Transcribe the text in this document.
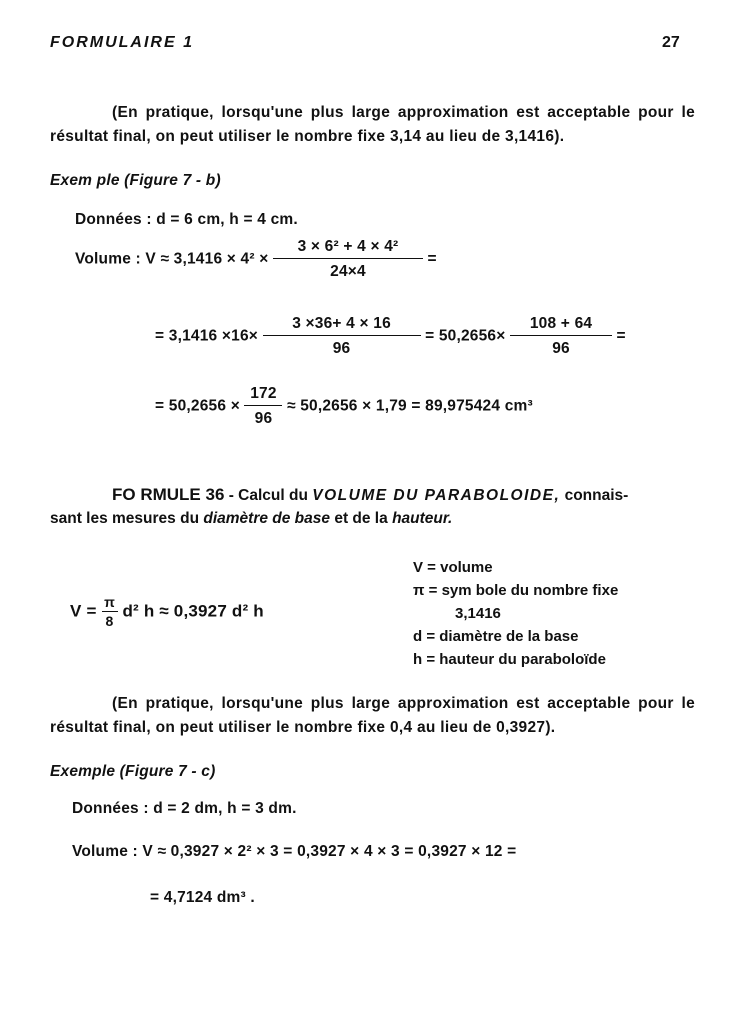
FORMULAIRE 1	27
(En pratique, lorsqu'une plus large approximation est acceptable pour le résultat final, on peut utiliser le nombre fixe 3,14 au lieu de 3,1416).
Exem ple (Figure 7 - b)
Données : d = 6 cm, h = 4 cm.
Volume : $V \approx 3,1416 \times 4^2 \times \frac{\text{3 × 6² + 4 × 4²}}{24\times 4}$ =
= $3,1416 \times 16\times \frac{3 \times 36+ 4 \times 16}{96} = 50,2656\times \frac{108 + 64}{96}$ =
= $50,2656 \times \frac{172}{96} \approx 50,2656 \times 1,79 = 89,975424$ cm³
FO RMULE 36 - Calcul du VOLUME DU PARABOLOIDE, connais-
sant les mesures du diamètre de base et de la hauteur.
$V = \frac{\pi}{8} d^2$ h ≈ 0,3927 d² h
V = volume
π = sym bole du nombre fixe
3,1416
d = diamètre de la base
h = hauteur du paraboloïde
(En pratique, lorsqu'une plus large approximation est acceptable pour le résultat final, on peut utiliser le nombre fixe 0,4 au lieu de 0,3927).
Exemple (Figure 7 - c)
Données : d = 2 dm, h = 3 dm.
Volume : V ≈ 0,3927 × 2² × 3 = 0,3927 × 4 × 3 = 0,3927 × 12 =
= 4,7124 dm³ .
